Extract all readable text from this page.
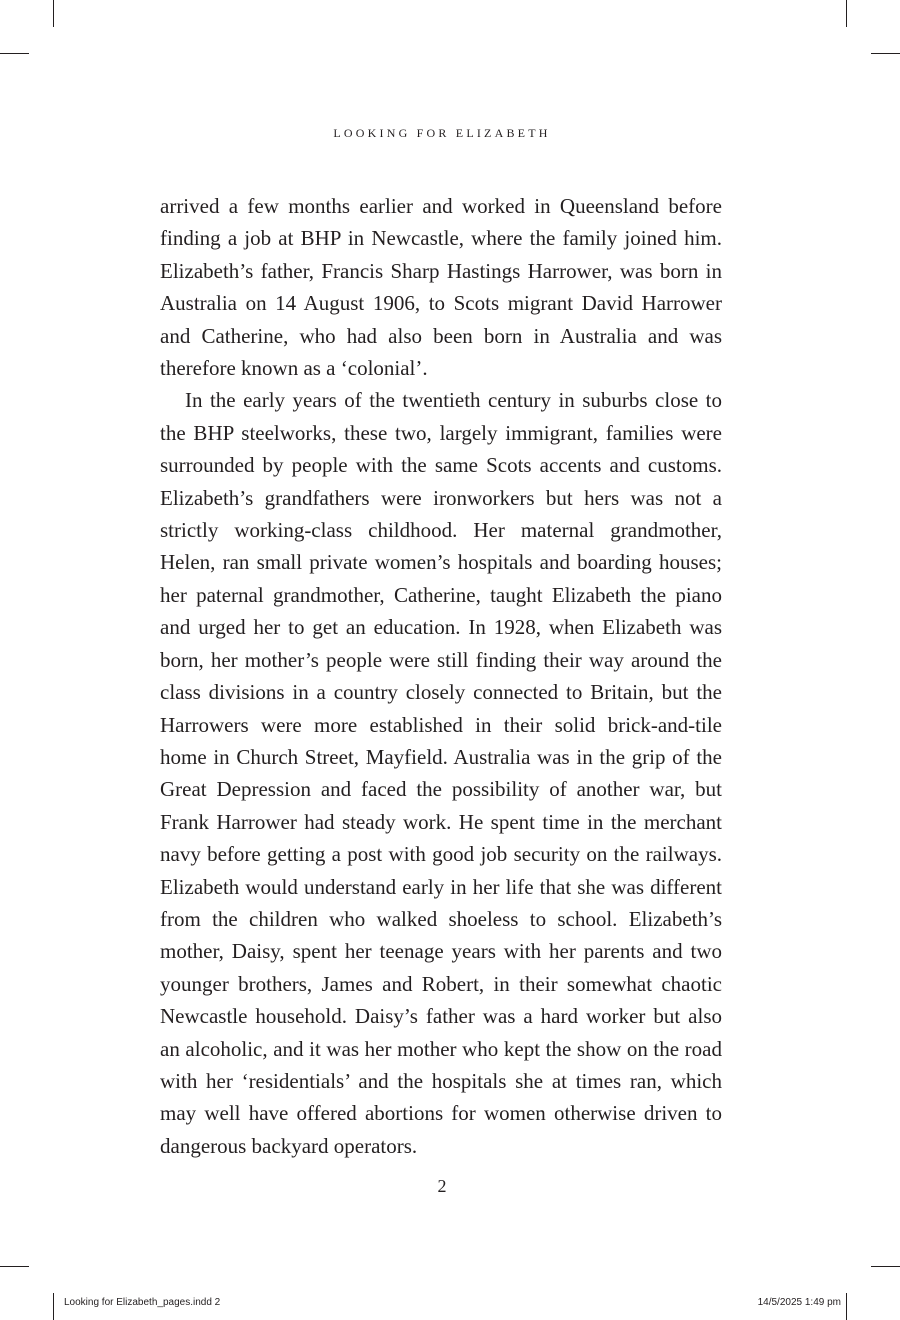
LOOKING FOR ELIZABETH

arrived a few months earlier and worked in Queensland before finding a job at BHP in Newcastle, where the family joined him. Elizabeth’s father, Francis Sharp Hastings Harrower, was born in Australia on 14 August 1906, to Scots migrant David Harrower and Catherine, who had also been born in Australia and was therefore known as a ‘colonial’.

In the early years of the twentieth century in suburbs close to the BHP steelworks, these two, largely immigrant, families were surrounded by people with the same Scots accents and customs. Elizabeth’s grandfathers were ironworkers but hers was not a strictly working-class childhood. Her maternal grandmother, Helen, ran small private women’s hospitals and boarding houses; her paternal grandmother, Catherine, taught Elizabeth the piano and urged her to get an education. In 1928, when Elizabeth was born, her mother’s people were still finding their way around the class divisions in a country closely connected to Britain, but the Harrowers were more established in their solid brick-and-tile home in Church Street, Mayfield. Australia was in the grip of the Great Depression and faced the possibility of another war, but Frank Harrower had steady work. He spent time in the merchant navy before getting a post with good job security on the railways. Elizabeth would understand early in her life that she was different from the children who walked shoeless to school. Elizabeth’s mother, Daisy, spent her teenage years with her parents and two younger brothers, James and Robert, in their somewhat chaotic Newcastle household. Daisy’s father was a hard worker but also an alcoholic, and it was her mother who kept the show on the road with her ‘residentials’ and the hospitals she at times ran, which may well have offered abortions for women otherwise driven to dangerous backyard operators.

2
Looking for Elizabeth_pages.indd 2	14/5/2025 1:49 pm
